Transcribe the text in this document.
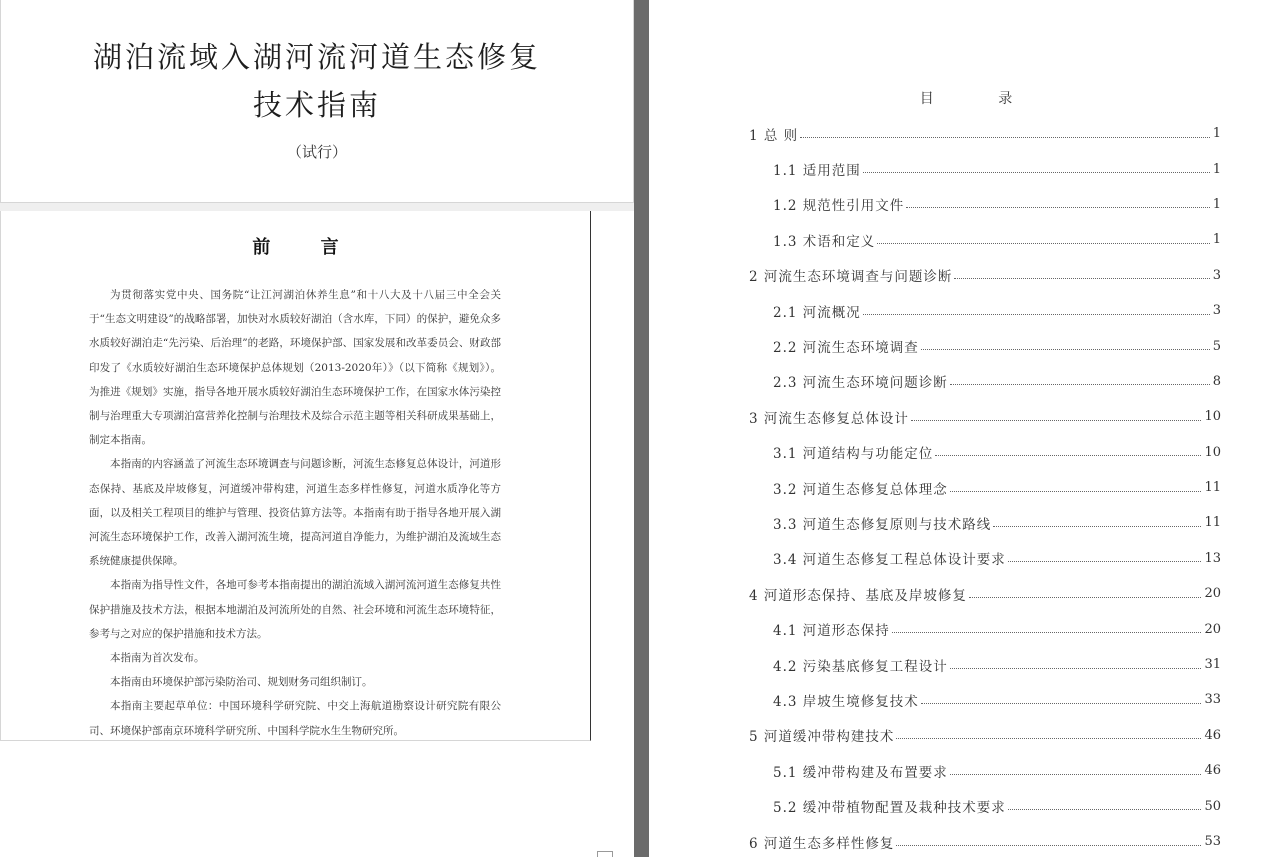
湖泊流域入湖河流河道生态修复
技术指南
（试行）
前 言

为贯彻落实党中央、国务院“让江河湖泊休养生息”和十八大及十八届三中全会关于“生态文明建设”的战略部署，加快对水质较好湖泊（含水库，下同）的保护，避免众多水质较好湖泊走“先污染、后治理”的老路，环境保护部、国家发展和改革委员会、财政部印发了《水质较好湖泊生态环境保护总体规划（2013-2020年）》（以下简称《规划》）。为推进《规划》实施，指导各地开展水质较好湖泊生态环境保护工作，在国家水体污染控制与治理重大专项湖泊富营养化控制与治理技术及综合示范主题等相关科研成果基础上，制定本指南。

本指南的内容涵盖了河流生态环境调查与问题诊断，河流生态修复总体设计，河道形态保持、基底及岸坡修复，河道缓冲带构建，河道生态多样性修复，河道水质净化等方面，以及相关工程项目的维护与管理、投资估算方法等。本指南有助于指导各地开展入湖河流生态环境保护工作，改善入湖河流生境，提高河道自净能力，为维护湖泊及流域生态系统健康提供保障。

本指南为指导性文件，各地可参考本指南提出的湖泊流域入湖河流河道生态修复共性保护措施及技术方法，根据本地湖泊及河流所处的自然、社会环境和河流生态环境特征，参考与之对应的保护措施和技术方法。

本指南为首次发布。

本指南由环境保护部污染防治司、规划财务司组织制订。

本指南主要起草单位：中国环境科学研究院、中交上海航道勘察设计研究院有限公司、环境保护部南京环境科学研究所、中国科学院水生生物研究所。

目 录
1 总 则	1
1.1 适用范围	1
1.2 规范性引用文件	1
1.3 术语和定义	1
2 河流生态环境调查与问题诊断	3
2.1 河流概况	3
2.2 河流生态环境调查	5
2.3 河流生态环境问题诊断	8
3 河流生态修复总体设计	10
3.1 河道结构与功能定位	10
3.2 河道生态修复总体理念	11
3.3 河道生态修复原则与技术路线	11
3.4 河道生态修复工程总体设计要求	13
4 河道形态保持、基底及岸坡修复	20
4.1 河道形态保持	20
4.2 污染基底修复工程设计	31
4.3 岸坡生境修复技术	33
5 河道缓冲带构建技术	46
5.1 缓冲带构建及布置要求	46
5.2 缓冲带植物配置及栽种技术要求	50
6 河道生态多样性修复	53
